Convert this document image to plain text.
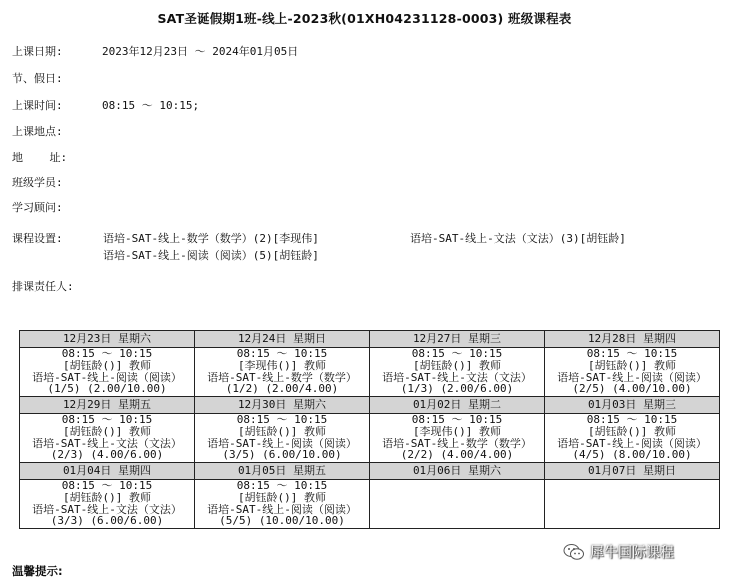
SAT圣诞假期1班-线上-2023秋(01XH04231128-0003) 班级课程表
上课日期:	2023年12月23日 ～ 2024年01月05日
节、假日:
上课时间:	08:15 ～ 10:15;
上课地点:
地    址:
班级学员:
学习顾问:
课程设置:	语培-SAT-线上-数学（数学）(2)[李现伟]	语培-SAT-线上-文法（文法）(3)[胡钰龄]
语培-SAT-线上-阅读（阅读）(5)[胡钰龄]
排课责任人:
12月23日 星期六	12月24日 星期日	12月27日 星期三	12月28日 星期四

08:15 ～ 10:15
[胡钰龄()] 教师
语培-SAT-线上-阅读（阅读）
(1/5) (2.00/10.00)	08:15 ～ 10:15
[李现伟()] 教师
语培-SAT-线上-数学（数学）
(1/2) (2.00/4.00)	08:15 ～ 10:15
[胡钰龄()] 教师
语培-SAT-线上-文法（文法）
(1/3) (2.00/6.00)	08:15 ～ 10:15
[胡钰龄()] 教师
语培-SAT-线上-阅读（阅读）
(2/5) (4.00/10.00)

12月29日 星期五	12月30日 星期六	01月02日 星期二	01月03日 星期三

08:15 ～ 10:15
[胡钰龄()] 教师
语培-SAT-线上-文法（文法）
(2/3) (4.00/6.00)	08:15 ～ 10:15
[胡钰龄()] 教师
语培-SAT-线上-阅读（阅读）
(3/5) (6.00/10.00)	08:15 ～ 10:15
[李现伟()] 教师
语培-SAT-线上-数学（数学）
(2/2) (4.00/4.00)	08:15 ～ 10:15
[胡钰龄()] 教师
语培-SAT-线上-阅读（阅读）
(4/5) (8.00/10.00)

01月04日 星期四	01月05日 星期五	01月06日 星期六	01月07日 星期日

08:15 ～ 10:15
[胡钰龄()] 教师
语培-SAT-线上-文法（文法）
(3/3) (6.00/6.00)	08:15 ～ 10:15
[胡钰龄()] 教师
语培-SAT-线上-阅读（阅读）
(5/5) (10.00/10.00)		

犀牛国际课程
温馨提示:
